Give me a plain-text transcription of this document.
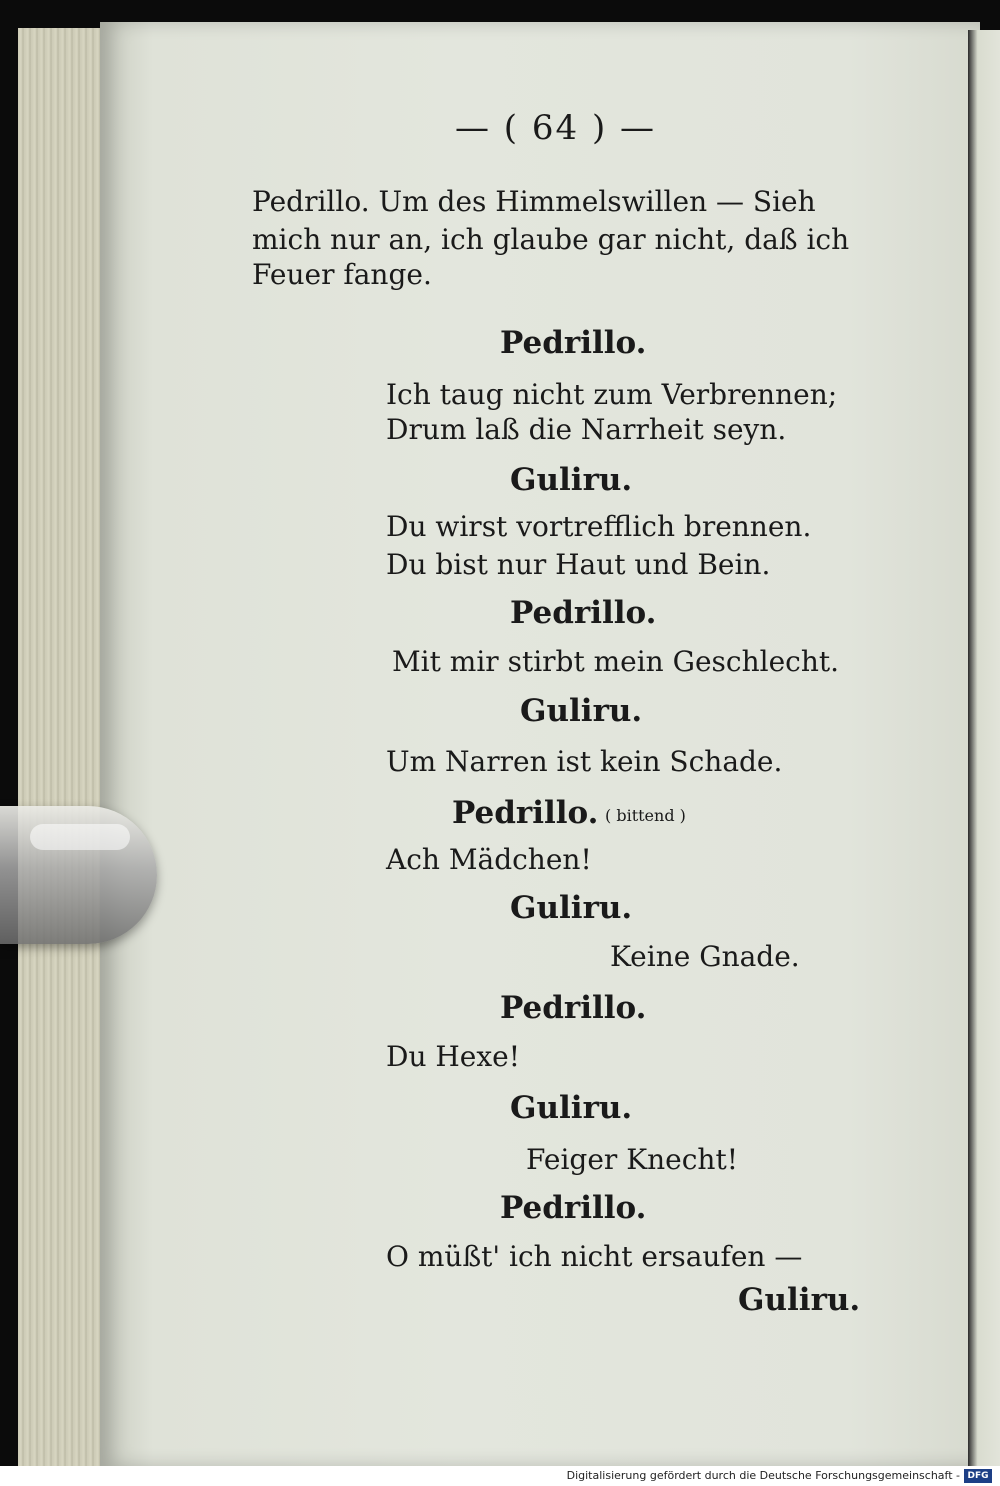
— ( 64 ) —
Pedrillo. Um des Himmelswillen — Sieh
mich nur an, ich glaube gar nicht, daß ich
Feuer fange.
Pedrillo.
Ich taug nicht zum Verbrennen;
Drum laß die Narrheit seyn.
Guliru.
Du wirst vortrefflich brennen.
Du bist nur Haut und Bein.
Pedrillo.
Mit mir stirbt mein Geschlecht.
Guliru.
Um Narren ist kein Schade.
Pedrillo. ( bittend )
Ach Mädchen!
Guliru.
Keine Gnade.
Pedrillo.
Du Hexe!
Guliru.
Feiger Knecht!
Pedrillo.
O müßt' ich nicht ersaufen —
Guliru.
Digitalisierung gefördert durch die Deutsche Forschungsgemeinschaft - DFG
